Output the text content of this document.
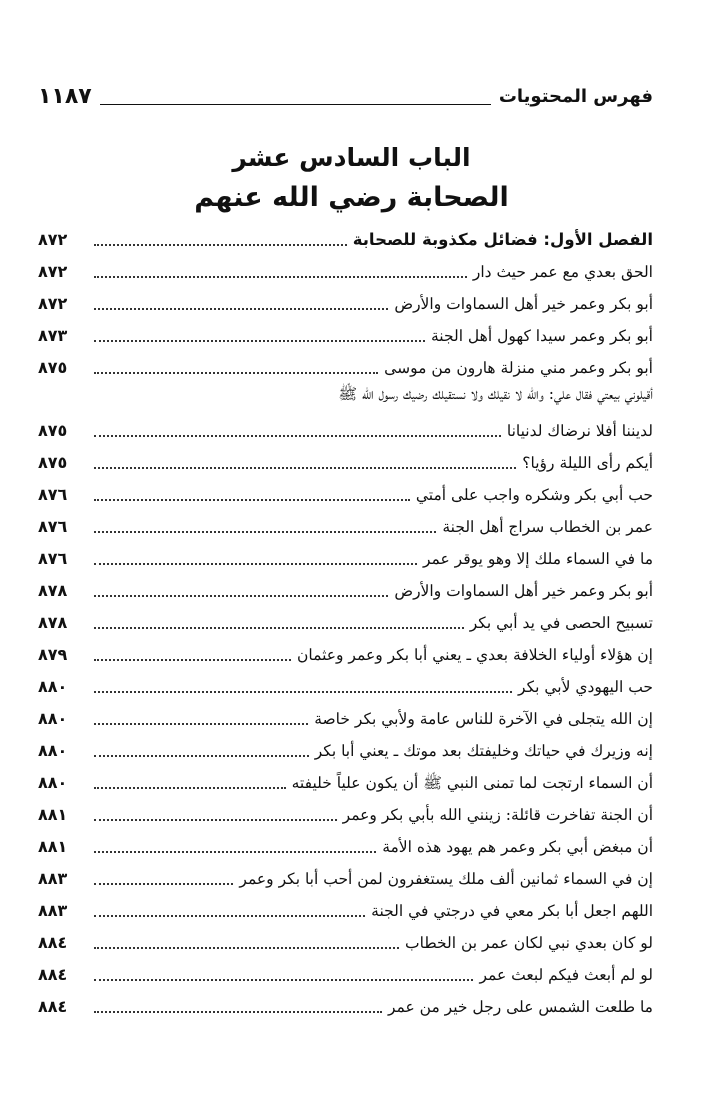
١١٨٧	فهرس المحتويات
الباب السادس عشر
الصحابة رضي الله عنهم
٨٧٢	الفصل الأول: فضائل مكذوبة للصحابة
٨٧٢	الحق بعدي مع عمر حيث دار
٨٧٢	أبو بكر وعمر خير أهل السماوات والأرض
٨٧٣	أبو بكر وعمر سيدا كهول أهل الجنة
٨٧٥	أبو بكر وعمر مني منزلة هارون من موسى
أقيلوني بيعتي فقال علي: والله لا نقيلك ولا نستقيلك رضيك رسول الله ﷺ
٨٧٥	لديننا أفلا نرضاك لدنيانا
٨٧٥	أيكم رأى الليلة رؤيا؟
٨٧٦	حب أبي بكر وشكره واجب على أمتي
٨٧٦	عمر بن الخطاب سراج أهل الجنة
٨٧٦	ما في السماء ملك إلا وهو يوقر عمر
٨٧٨	أبو بكر وعمر خير أهل السماوات والأرض
٨٧٨	تسبيح الحصى في يد أبي بكر
٨٧٩	إن هؤلاء أولياء الخلافة بعدي ـ يعني أبا بكر وعمر وعثمان
٨٨٠	حب اليهودي لأبي بكر
٨٨٠	إن الله يتجلى في الآخرة للناس عامة ولأبي بكر خاصة
٨٨٠	إنه وزيرك في حياتك وخليفتك بعد موتك ـ يعني أبا بكر
٨٨٠	أن السماء ارتجت لما تمنى النبي ﷺ أن يكون علياً خليفته
٨٨١	أن الجنة تفاخرت قائلة: زينني الله بأبي بكر وعمر
٨٨١	أن مبغض أبي بكر وعمر هم يهود هذه الأمة
٨٨٣	إن في السماء ثمانين ألف ملك يستغفرون لمن أحب أبا بكر وعمر
٨٨٣	اللهم اجعل أبا بكر معي في درجتي في الجنة
٨٨٤	لو كان بعدي نبي لكان عمر بن الخطاب
٨٨٤	لو لم أبعث فيكم لبعث عمر
٨٨٤	ما طلعت الشمس على رجل خير من عمر
